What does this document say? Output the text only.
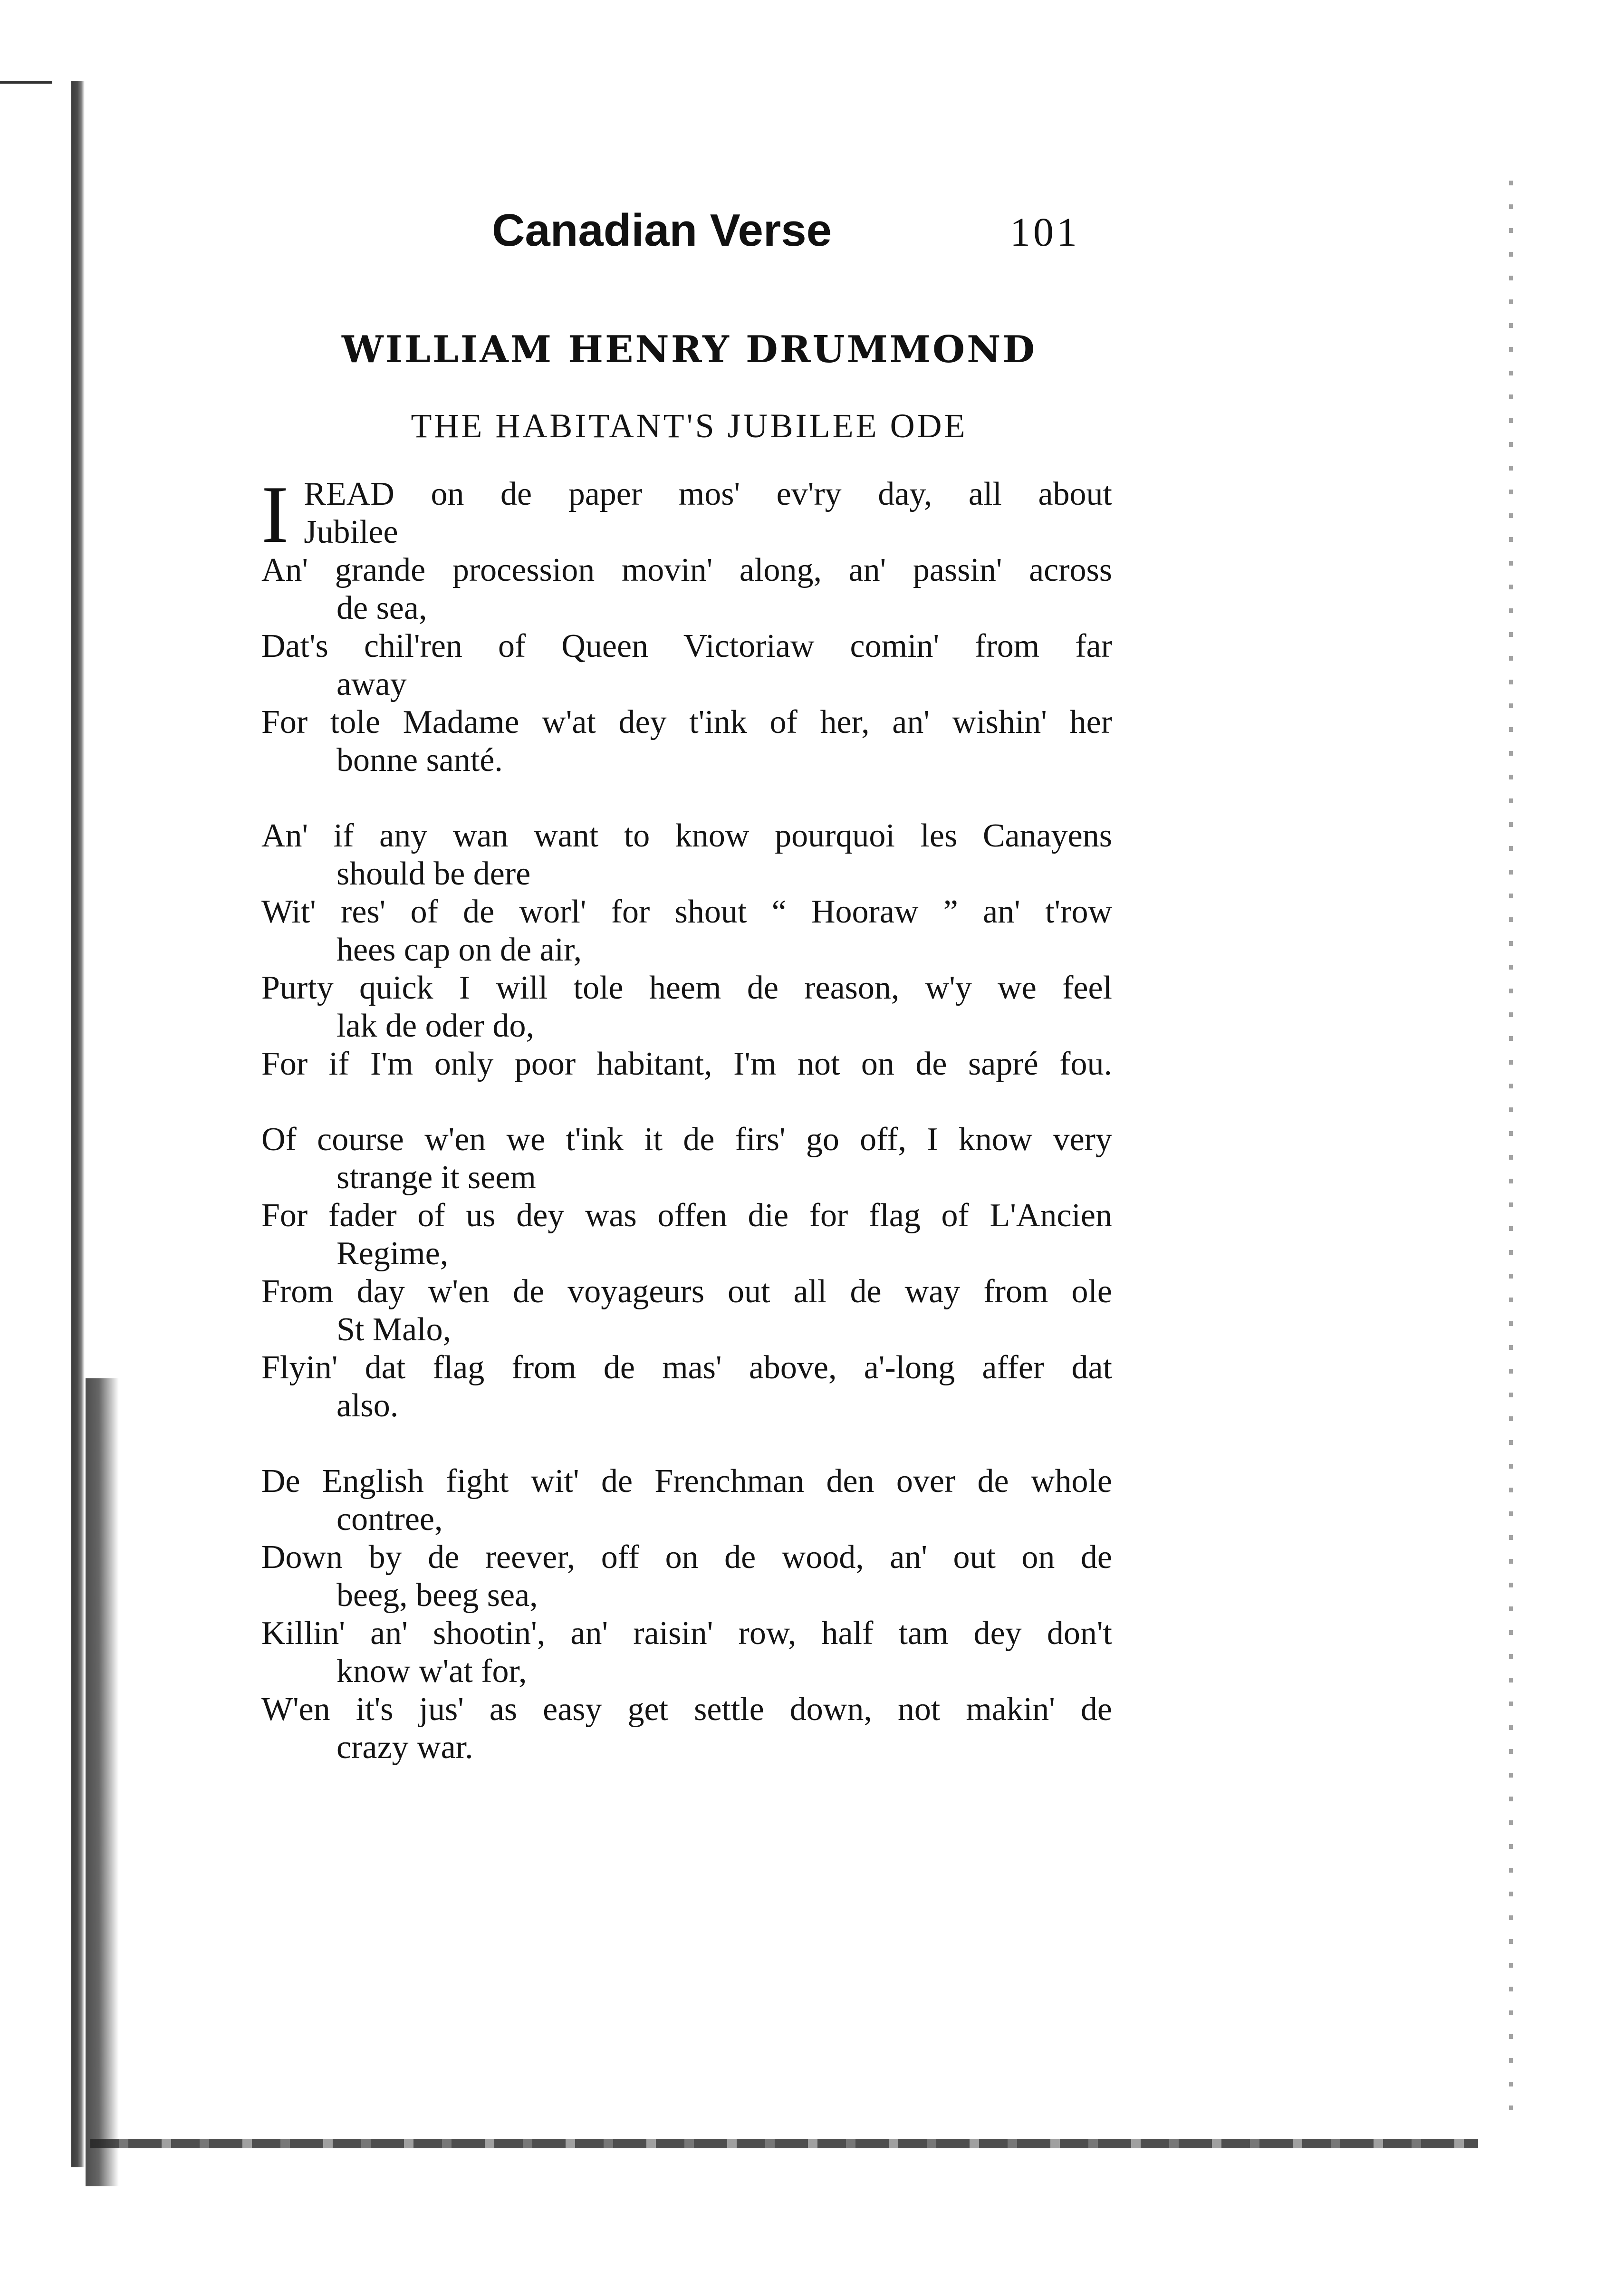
Canadian Verse	101
WILLIAM HENRY DRUMMOND
THE HABITANT'S JUBILEE ODE
I READ on de paper mos' ev'ry day, all about
Jubilee
An' grande procession movin' along, an' passin' across
de sea,
Dat's chil'ren of Queen Victoriaw comin' from far
away
For tole Madame w'at dey t'ink of her, an' wishin' her
bonne santé.
An' if any wan want to know pourquoi les Canayens
should be dere
Wit' res' of de worl' for shout “ Hooraw ” an' t'row
hees cap on de air,
Purty quick I will tole heem de reason, w'y we feel
lak de oder do,
For if I'm only poor habitant, I'm not on de sapré fou.
Of course w'en we t'ink it de firs' go off, I know very
strange it seem
For fader of us dey was offen die for flag of L'Ancien
Regime,
From day w'en de voyageurs out all de way from ole
St Malo,
Flyin' dat flag from de mas' above, a'-long affer dat
also.
De English fight wit' de Frenchman den over de whole
contree,
Down by de reever, off on de wood, an' out on de
beeg, beeg sea,
Killin' an' shootin', an' raisin' row, half tam dey don't
know w'at for,
W'en it's jus' as easy get settle down, not makin' de
crazy war.
